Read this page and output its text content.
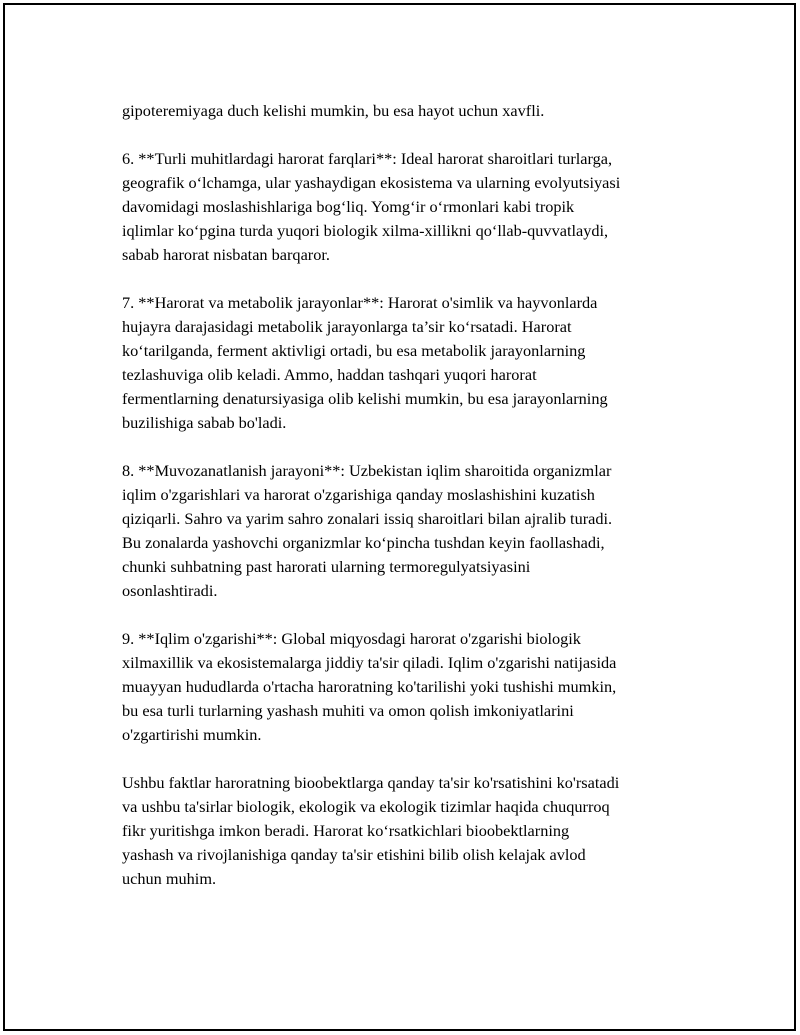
gipoteremiyaga duch kelishi mumkin, bu esa hayot uchun xavfli.

6. **Turli muhitlardagi harorat farqlari**: Ideal harorat sharoitlari turlarga,
geografik o‘lchamga, ular yashaydigan ekosistema va ularning evolyutsiyasi
davomidagi moslashishlariga bog‘liq. Yomg‘ir o‘rmonlari kabi tropik
iqlimlar ko‘pgina turda yuqori biologik xilma-xillikni qo‘llab-quvvatlaydi,
sabab harorat nisbatan barqaror.

7. **Harorat va metabolik jarayonlar**: Harorat o'simlik va hayvonlarda
hujayra darajasidagi metabolik jarayonlarga ta’sir ko‘rsatadi. Harorat
ko‘tarilganda, ferment aktivligi ortadi, bu esa metabolik jarayonlarning
tezlashuviga olib keladi. Ammo, haddan tashqari yuqori harorat
fermentlarning denatursiyasiga olib kelishi mumkin, bu esa jarayonlarning
buzilishiga sabab bo'ladi.

8. **Muvozanatlanish jarayoni**: Uzbekistan iqlim sharoitida organizmlar
iqlim o'zgarishlari va harorat o'zgarishiga qanday moslashishini kuzatish
qiziqarli. Sahro va yarim sahro zonalari issiq sharoitlari bilan ajralib turadi.
Bu zonalarda yashovchi organizmlar ko‘pincha tushdan keyin faollashadi,
chunki suhbatning past harorati ularning termoregulyatsiyasini
osonlashtiradi.

9. **Iqlim o'zgarishi**: Global miqyosdagi harorat o'zgarishi biologik
xilmaxillik va ekosistemalarga jiddiy ta'sir qiladi. Iqlim o'zgarishi natijasida
muayyan hududlarda o'rtacha haroratning ko'tarilishi yoki tushishi mumkin,
bu esa turli turlarning yashash muhiti va omon qolish imkoniyatlarini
o'zgartirishi mumkin.

Ushbu faktlar haroratning bioobektlarga qanday ta'sir ko'rsatishini ko'rsatadi
va ushbu ta'sirlar biologik, ekologik va ekologik tizimlar haqida chuqurroq
fikr yuritishga imkon beradi. Harorat ko‘rsatkichlari bioobektlarning
yashash va rivojlanishiga qanday ta'sir etishini bilib olish kelajak avlod
uchun muhim.
